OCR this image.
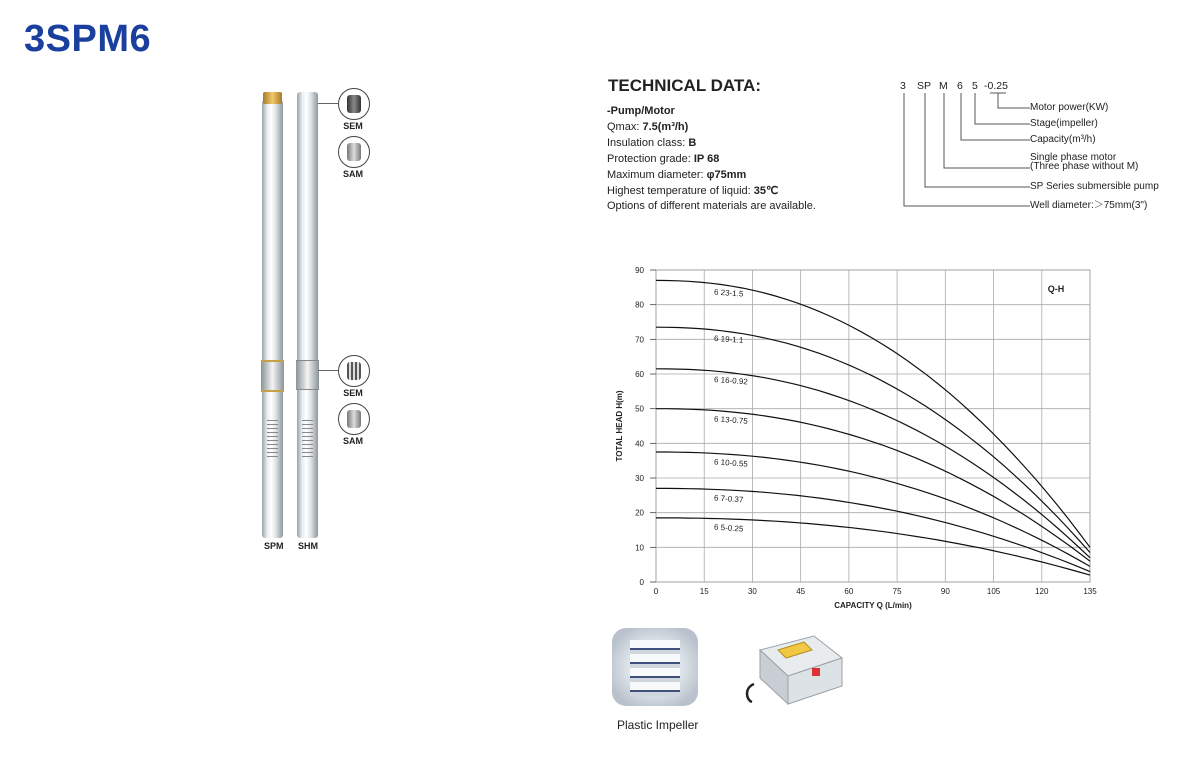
3SPM6
SPM SHM
SEM
SAM
SEM
SAM
TECHNICAL DATA:
-Pump/Motor
Qmax: 7.5(m³/h)
Insulation class: B
Protection grade: IP 68
Maximum diameter: φ75mm
Highest temperature of liquid: 35℃
Options of different materials are available.
3 SP M 6 5 -0.25
Motor power(KW)
Stage(impeller)
Capacity(m³/h)
Single phase motor
(Three phase without M)
SP Series submersible pump
Well diameter:＞75mm(3")
0	15	30	45	60	75	90	105	120	135
0
10
20
30
40
50
60
70
80
90
CAPACITY Q (L/min)
TOTAL HEAD H(m)
Q-H
6 23-1.5
6 19-1.1
6 16-0.92
6 13-0.75
6 10-0.55
6 7-0.37
6 5-0.25
Plastic Impeller
